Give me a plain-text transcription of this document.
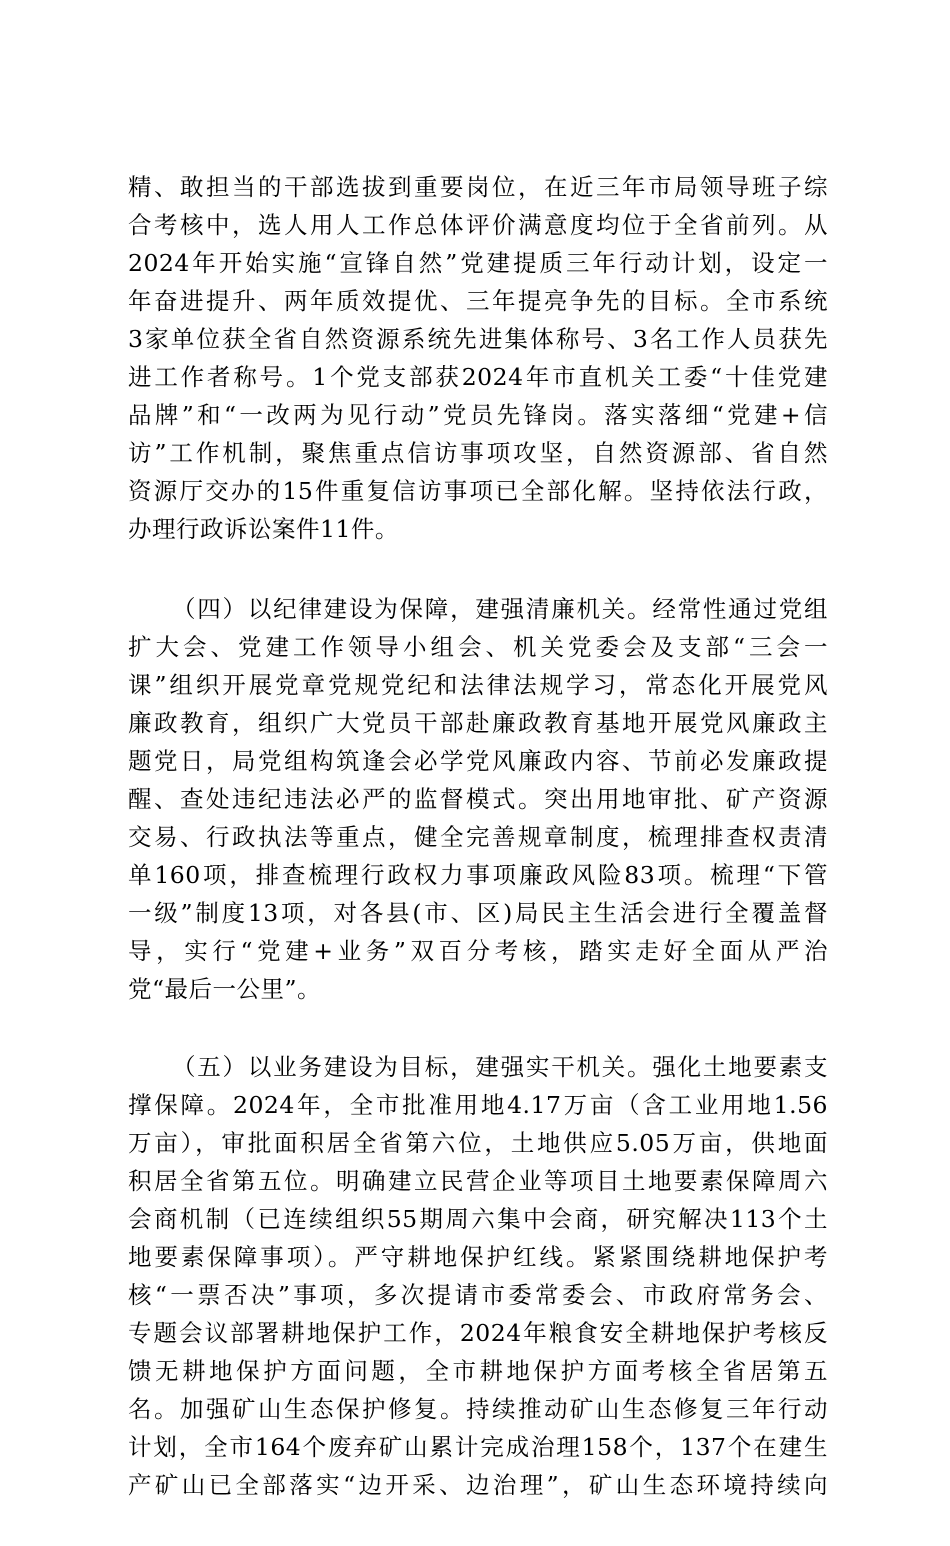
精、敢担当的干部选拔到重要岗位，在近三年市局领导班子综
合考核中，选人用人工作总体评价满意度均位于全省前列。从
2024年开始实施“宣锋自然”党建提质三年行动计划，设定一
年奋进提升、两年质效提优、三年提亮争先的目标。全市系统
3家单位获全省自然资源系统先进集体称号、3名工作人员获先
进工作者称号。1个党支部获2024年市直机关工委“十佳党建
品牌”和“一改两为见行动”党员先锋岗。落实落细“党建+信
访”工作机制，聚焦重点信访事项攻坚，自然资源部、省自然
资源厅交办的15件重复信访事项已全部化解。坚持依法行政，
办理行政诉讼案件11件。
（四）以纪律建设为保障，建强清廉机关。经常性通过党组
扩大会、党建工作领导小组会、机关党委会及支部“三会一
课”组织开展党章党规党纪和法律法规学习，常态化开展党风
廉政教育，组织广大党员干部赴廉政教育基地开展党风廉政主
题党日，局党组构筑逢会必学党风廉政内容、节前必发廉政提
醒、查处违纪违法必严的监督模式。突出用地审批、矿产资源
交易、行政执法等重点，健全完善规章制度，梳理排查权责清
单160项，排查梳理行政权力事项廉政风险83项。梳理“下管
一级”制度13项，对各县(市、区)局民主生活会进行全覆盖督
导，实行“党建+业务”双百分考核，踏实走好全面从严治
党“最后一公里”。
（五）以业务建设为目标，建强实干机关。强化土地要素支
撑保障。2024年，全市批准用地4.17万亩（含工业用地1.56
万亩），审批面积居全省第六位，土地供应5.05万亩，供地面
积居全省第五位。明确建立民营企业等项目土地要素保障周六
会商机制（已连续组织55期周六集中会商，研究解决113个土
地要素保障事项）。严守耕地保护红线。紧紧围绕耕地保护考
核“一票否决”事项，多次提请市委常委会、市政府常务会、
专题会议部署耕地保护工作，2024年粮食安全耕地保护考核反
馈无耕地保护方面问题，全市耕地保护方面考核全省居第五
名。加强矿山生态保护修复。持续推动矿山生态修复三年行动
计划，全市164个废弃矿山累计完成治理158个，137个在建生
产矿山已全部落实“边开采、边治理”，矿山生态环境持续向
